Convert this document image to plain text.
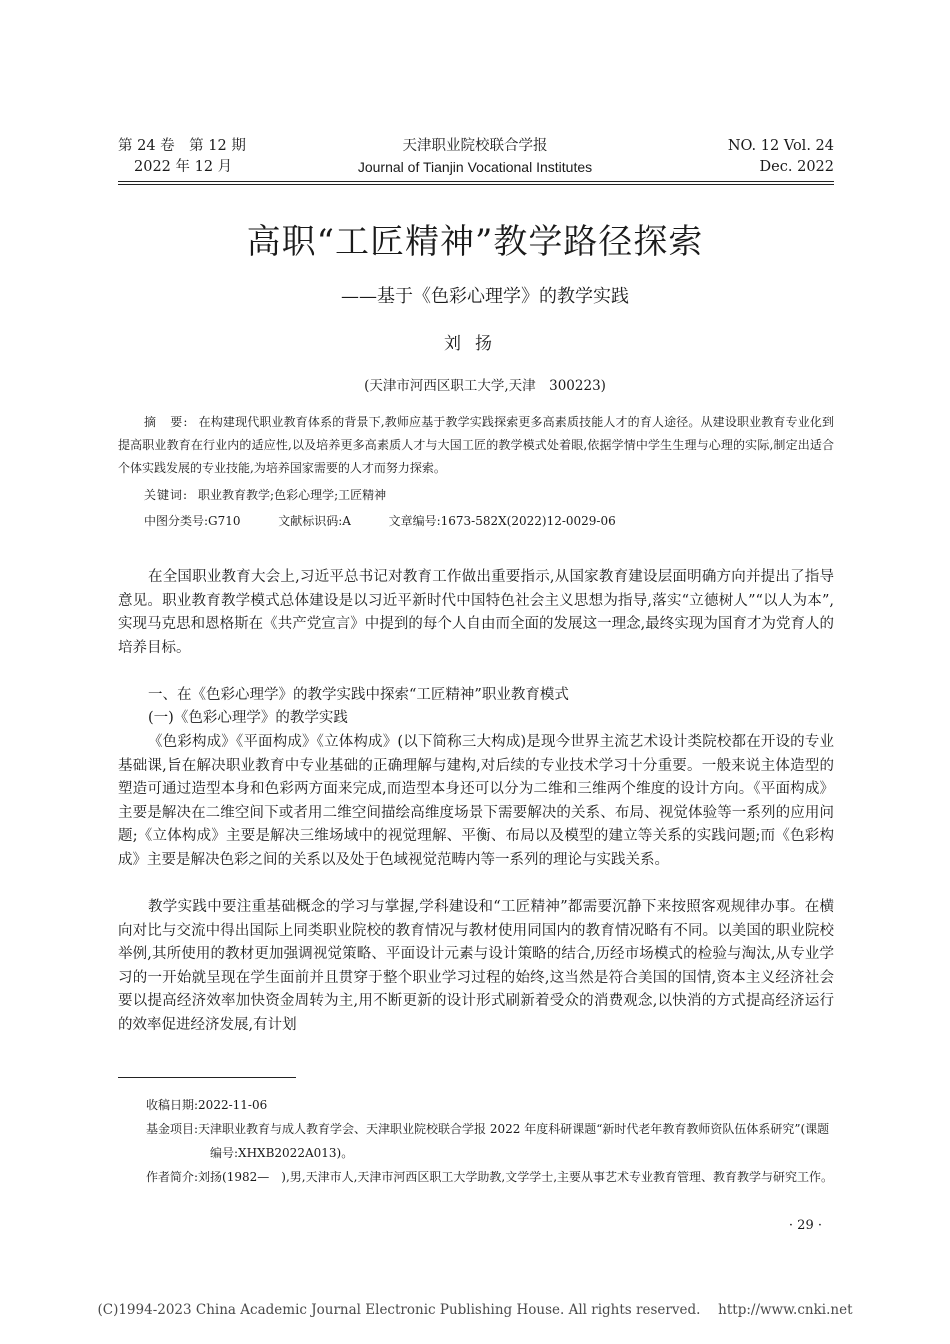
第 24 卷　第 12 期
2022 年 12 月
天津职业院校联合学报
Journal of Tianjin Vocational Institutes
NO. 12 Vol. 24
Dec. 2022
高职“工匠精神”教学路径探索
——基于《色彩心理学》的教学实践
刘扬
(天津市河西区职工大学,天津　300223)
摘　要: 在构建现代职业教育体系的背景下,教师应基于教学实践探索更多高素质技能人才的育人途径。从建设职业教育专业化到提高职业教育在行业内的适应性,以及培养更多高素质人才与大国工匠的教学模式处着眼,依据学情中学生生理与心理的实际,制定出适合个体实践发展的专业技能,为培养国家需要的人才而努力探索。
关键词: 职业教育教学;色彩心理学;工匠精神
中图分类号:G710	文献标识码:A	文章编号:1673-582X(2022)12-0029-06
在全国职业教育大会上,习近平总书记对教育工作做出重要指示,从国家教育建设层面明确方向并提出了指导意见。职业教育教学模式总体建设是以习近平新时代中国特色社会主义思想为指导,落实“立德树人”“以人为本”,实现马克思和恩格斯在《共产党宣言》中提到的每个人自由而全面的发展这一理念,最终实现为国育才为党育人的培养目标。
一、在《色彩心理学》的教学实践中探索“工匠精神”职业教育模式
(一)《色彩心理学》的教学实践
《色彩构成》《平面构成》《立体构成》(以下简称三大构成)是现今世界主流艺术设计类院校都在开设的专业基础课,旨在解决职业教育中专业基础的正确理解与建构,对后续的专业技术学习十分重要。一般来说主体造型的塑造可通过造型本身和色彩两方面来完成,而造型本身还可以分为二维和三维两个维度的设计方向。《平面构成》主要是解决在二维空间下或者用二维空间描绘高维度场景下需要解决的关系、布局、视觉体验等一系列的应用问题;《立体构成》主要是解决三维场域中的视觉理解、平衡、布局以及模型的建立等关系的实践问题;而《色彩构成》主要是解决色彩之间的关系以及处于色域视觉范畴内等一系列的理论与实践关系。
教学实践中要注重基础概念的学习与掌握,学科建设和“工匠精神”都需要沉静下来按照客观规律办事。在横向对比与交流中得出国际上同类职业院校的教育情况与教材使用同国内的教育情况略有不同。以美国的职业院校举例,其所使用的教材更加强调视觉策略、平面设计元素与设计策略的结合,历经市场模式的检验与淘汰,从专业学习的一开始就呈现在学生面前并且贯穿于整个职业学习过程的始终,这当然是符合美国的国情,资本主义经济社会要以提高经济效率加快资金周转为主,用不断更新的设计形式刷新着受众的消费观念,以快消的方式提高经济运行的效率促进经济发展,有计划
收稿日期:2022-11-06
基金项目:天津职业教育与成人教育学会、天津职业院校联合学报 2022 年度科研课题“新时代老年教育教师资队伍体系研究”(课题编号:XHXB2022A013)。
作者简介:刘扬(1982—　),男,天津市人,天津市河西区职工大学助教,文学学士,主要从事艺术专业教育管理、教育教学与研究工作。
· 29 ·
(C)1994-2023 China Academic Journal Electronic Publishing House. All rights reserved.　 http://www.cnki.net
